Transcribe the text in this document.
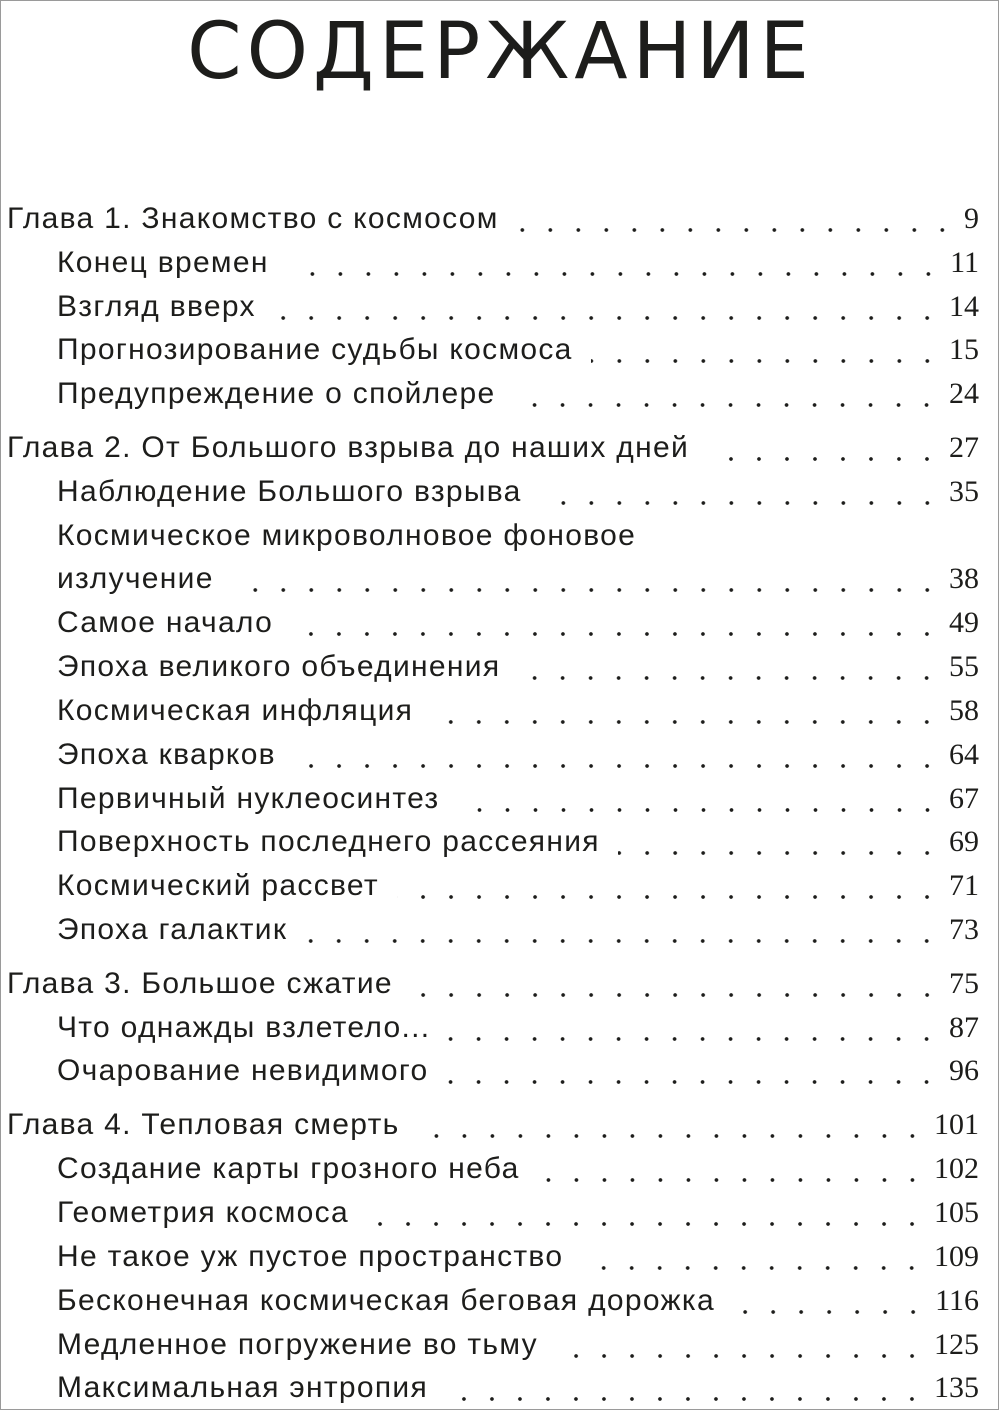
СОДЕРЖАНИЕ
Глава 1. Знакомство с космосом	9
Конец времен	11
Взгляд вверх	14
Прогнозирование судьбы космоса	15
Предупреждение о спойлере	24
Глава 2. От Большого взрыва до наших дней	27
Наблюдение Большого взрыва	35
Космическое микроволновое фоновое
излучение	38
Самое начало	49
Эпоха великого объединения	55
Космическая инфляция	58
Эпоха кварков	64
Первичный нуклеосинтез	67
Поверхность последнего рассеяния	69
Космический рассвет	71
Эпоха галактик	73
Глава 3. Большое сжатие	75
Что однажды взлетело...	87
Очарование невидимого	96
Глава 4. Тепловая смерть	101
Создание карты грозного неба	102
Геометрия космоса	105
Не такое уж пустое пространство	109
Бесконечная космическая беговая дорожка	116
Медленное погружение во тьму	125
Максимальная энтропия	135
